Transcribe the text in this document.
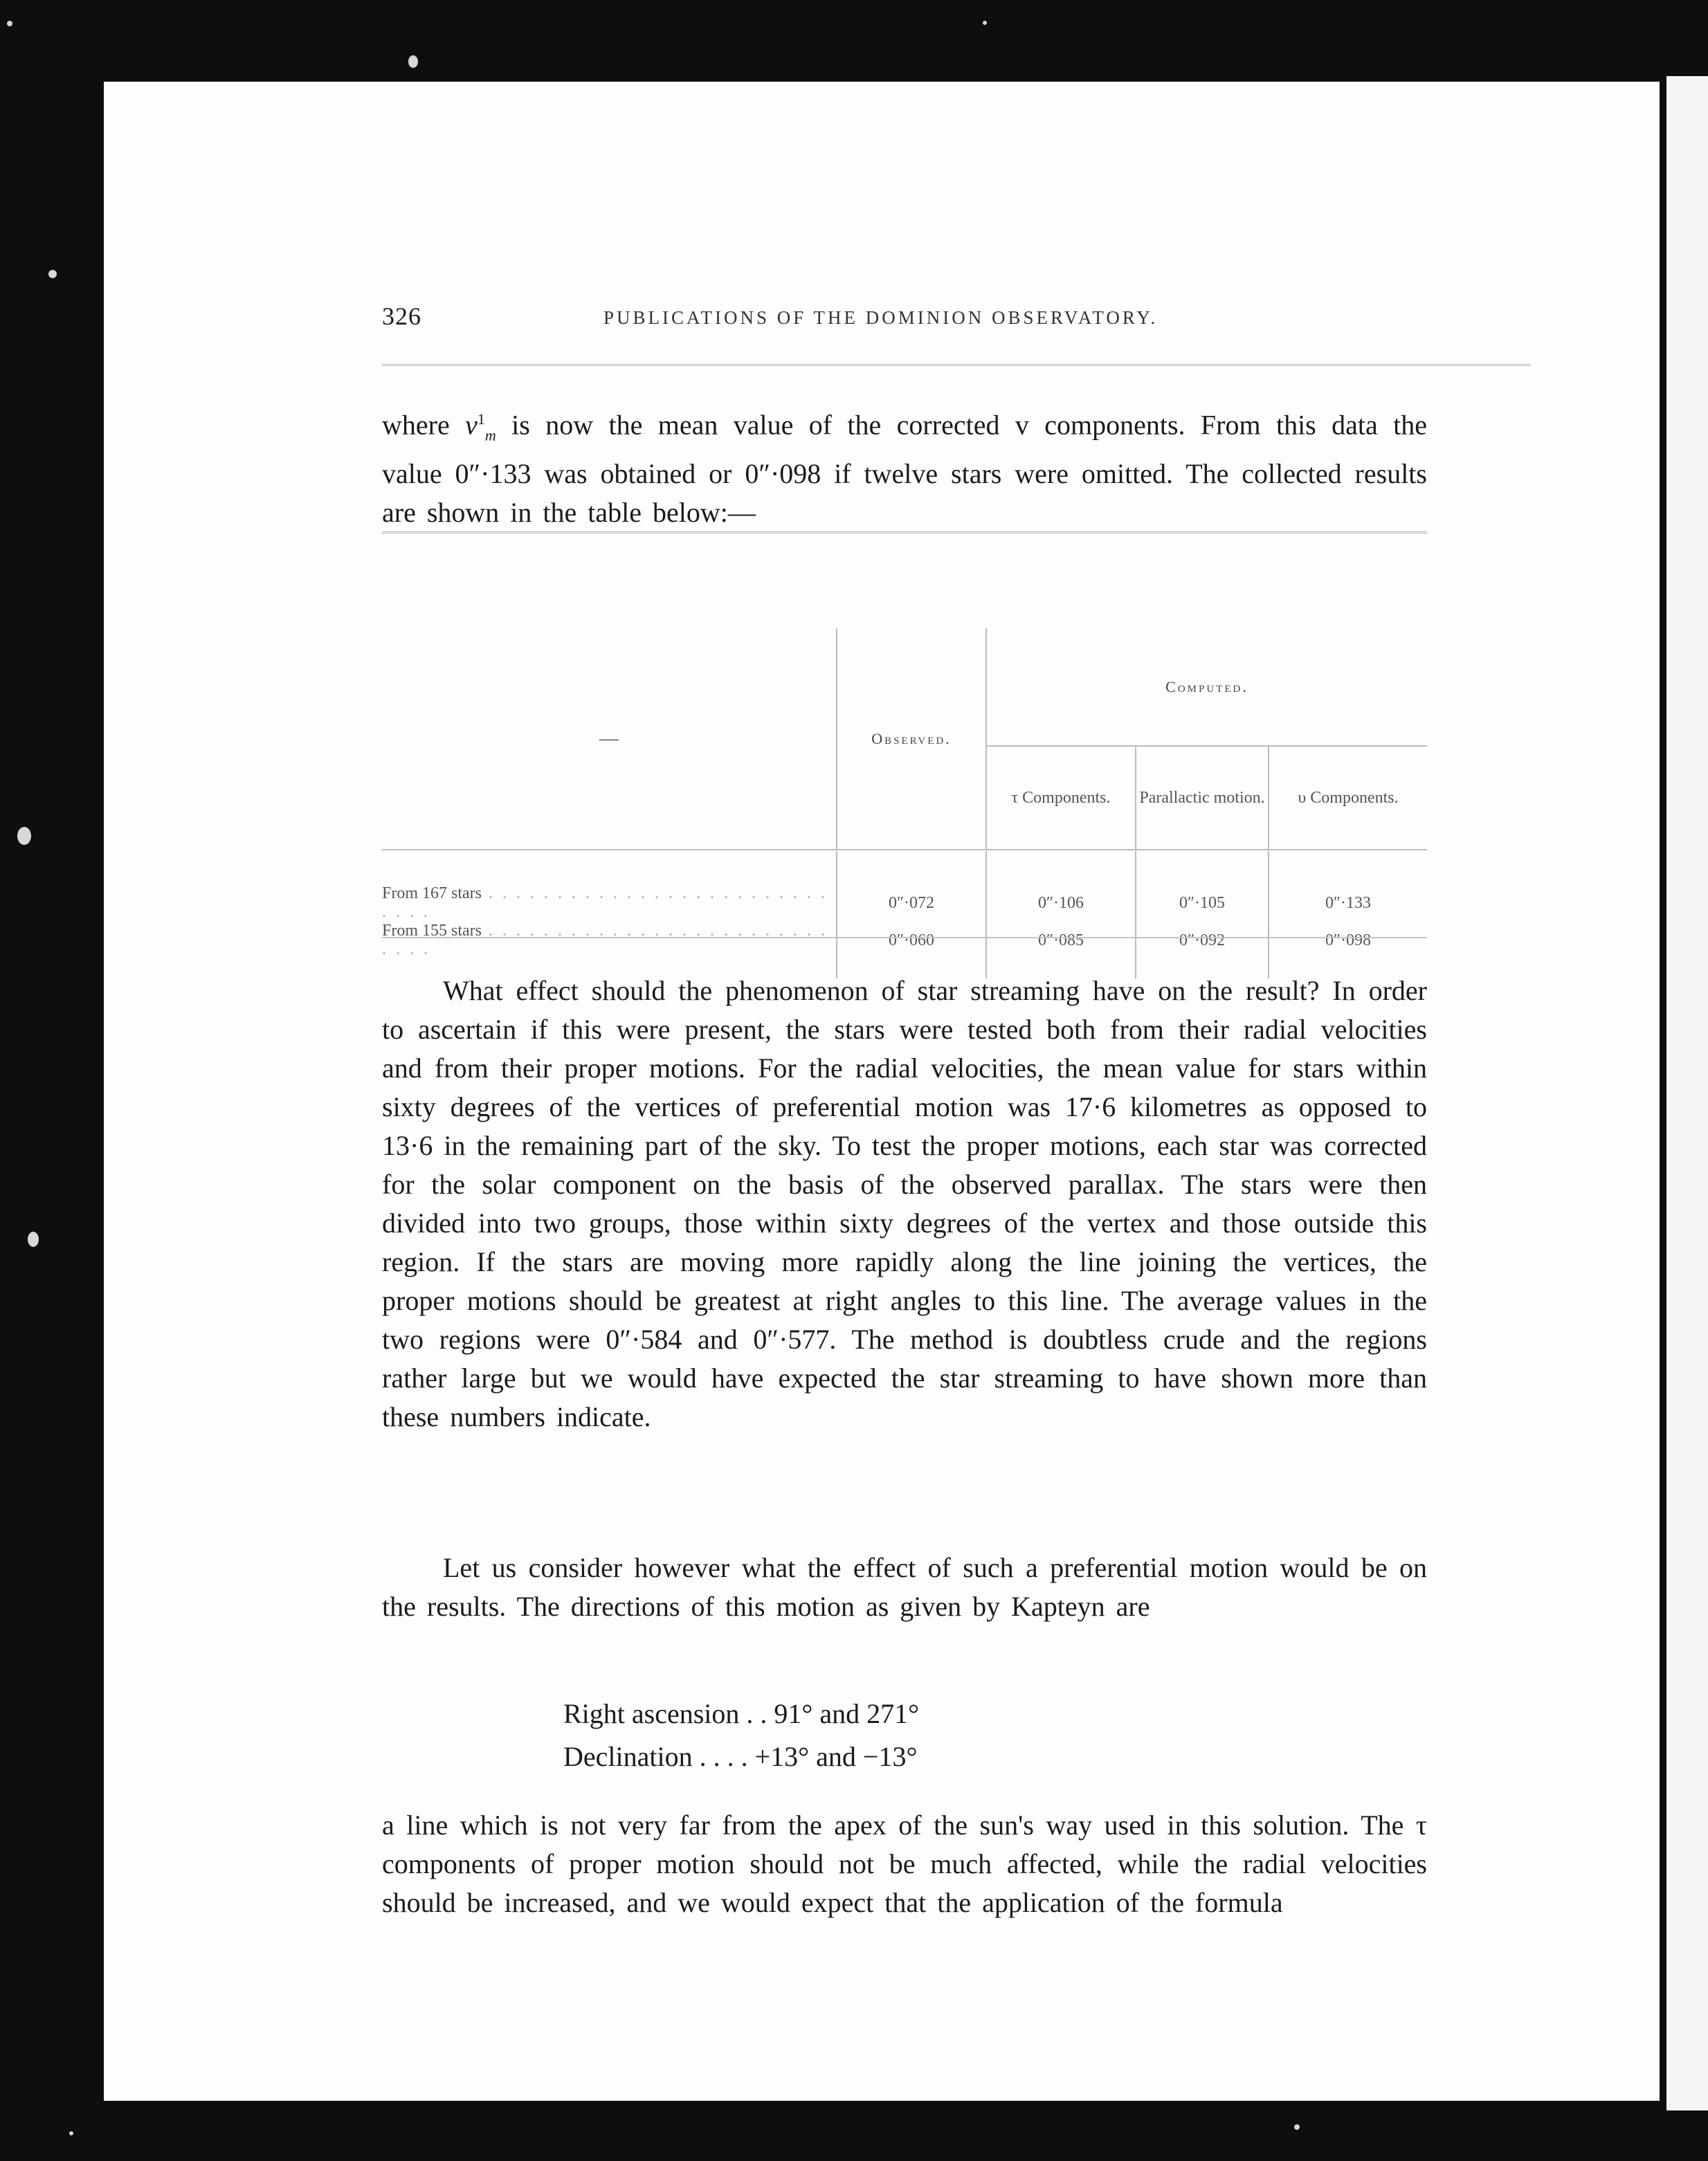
326	PUBLICATIONS OF THE DOMINION OBSERVATORY.
where $v^1_m$ is now the mean value of the corrected v components. From this data the value 0″·133 was obtained or 0″·098 if twelve stars were omitted. The collected results are shown in the table below:—
—	Observed.	Computed.		
		τ Components.	Parallactic motion.	υ Components.

From 167 stars . . . . . . . . . . . . . . . . . . . . . . . . . . . . .	0″·072	0″·106	0″·105	0″·133
From 155 stars . . . . . . . . . . . . . . . . . . . . . . . . . . . . .	0″·060	0″·085	0″·092	0″·098

What effect should the phenomenon of star streaming have on the result? In order to ascertain if this were present, the stars were tested both from their radial velocities and from their proper motions. For the radial velocities, the mean value for stars within sixty degrees of the vertices of preferential motion was 17·6 kilometres as opposed to 13·6 in the remaining part of the sky. To test the proper motions, each star was corrected for the solar component on the basis of the observed parallax. The stars were then divided into two groups, those within sixty degrees of the vertex and those outside this region. If the stars are moving more rapidly along the line joining the vertices, the proper motions should be greatest at right angles to this line. The average values in the two regions were 0″·584 and 0″·577. The method is doubtless crude and the regions rather large but we would have expected the star streaming to have shown more than these numbers indicate.
Let us consider however what the effect of such a preferential motion would be on the results. The directions of this motion as given by Kapteyn are
Right ascension . . 91° and 271°
Declination . . . . +13° and −13°
a line which is not very far from the apex of the sun's way used in this solution. The τ components of proper motion should not be much affected, while the radial velocities should be increased, and we would expect that the application of the formula
